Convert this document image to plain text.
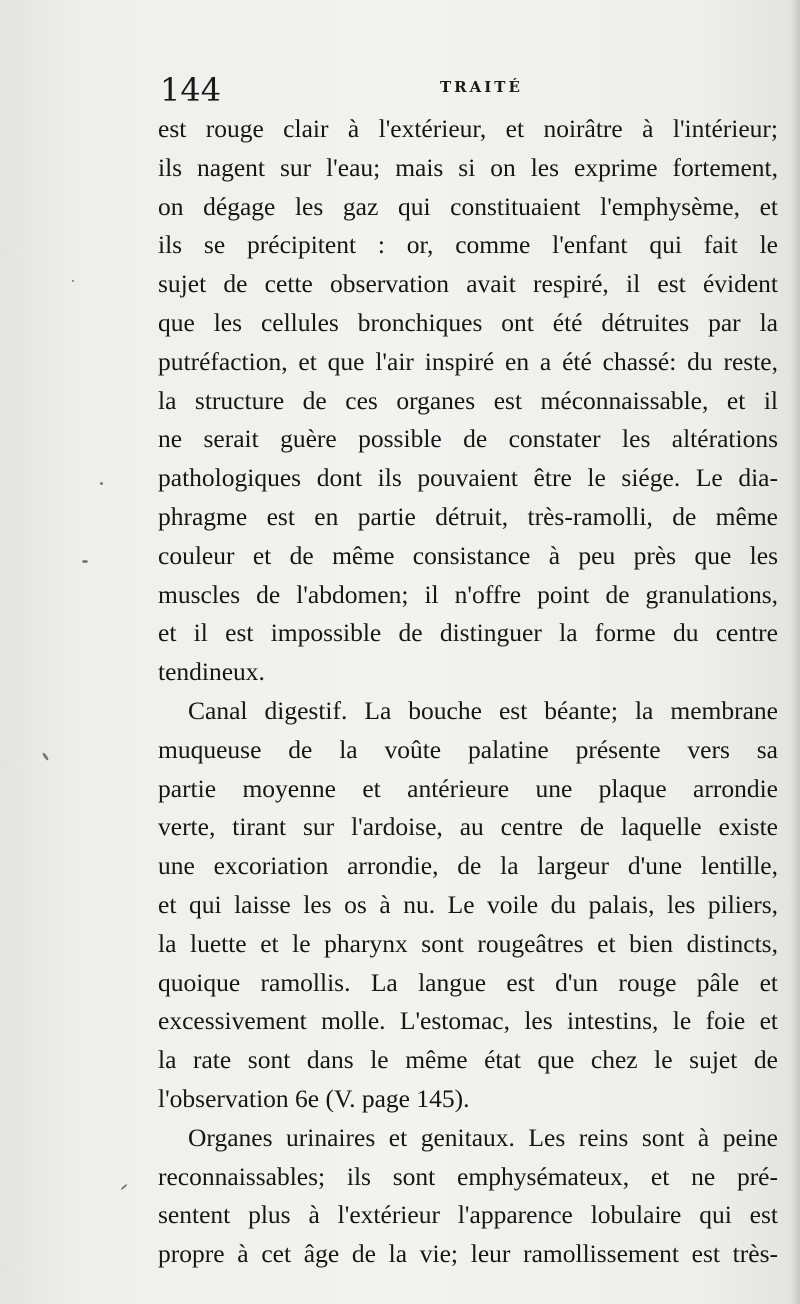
144	TRAITÉ
est rouge clair à l'extérieur, et noirâtre à l'intérieur;
ils nagent sur l'eau; mais si on les exprime fortement,
on dégage les gaz qui constituaient l'emphysème, et
ils se précipitent : or, comme l'enfant qui fait le
sujet de cette observation avait respiré, il est évident
que les cellules bronchiques ont été détruites par la
putréfaction, et que l'air inspiré en a été chassé: du reste,
la structure de ces organes est méconnaissable, et il
ne serait guère possible de constater les altérations
pathologiques dont ils pouvaient être le siége. Le dia-
phragme est en partie détruit, très-ramolli, de même
couleur et de même consistance à peu près que les
muscles de l'abdomen; il n'offre point de granulations,
et il est impossible de distinguer la forme du centre
tendineux.
Canal digestif. La bouche est béante; la membrane
muqueuse de la voûte palatine présente vers sa
partie moyenne et antérieure une plaque arrondie
verte, tirant sur l'ardoise, au centre de laquelle existe
une excoriation arrondie, de la largeur d'une lentille,
et qui laisse les os à nu. Le voile du palais, les piliers,
la luette et le pharynx sont rougeâtres et bien distincts,
quoique ramollis. La langue est d'un rouge pâle et
excessivement molle. L'estomac, les intestins, le foie et
la rate sont dans le même état que chez le sujet de
l'observation 6e (V. page 145).
Organes urinaires et genitaux. Les reins sont à peine
reconnaissables; ils sont emphysémateux, et ne pré-
sentent plus à l'extérieur l'apparence lobulaire qui est
propre à cet âge de la vie; leur ramollissement est très-
